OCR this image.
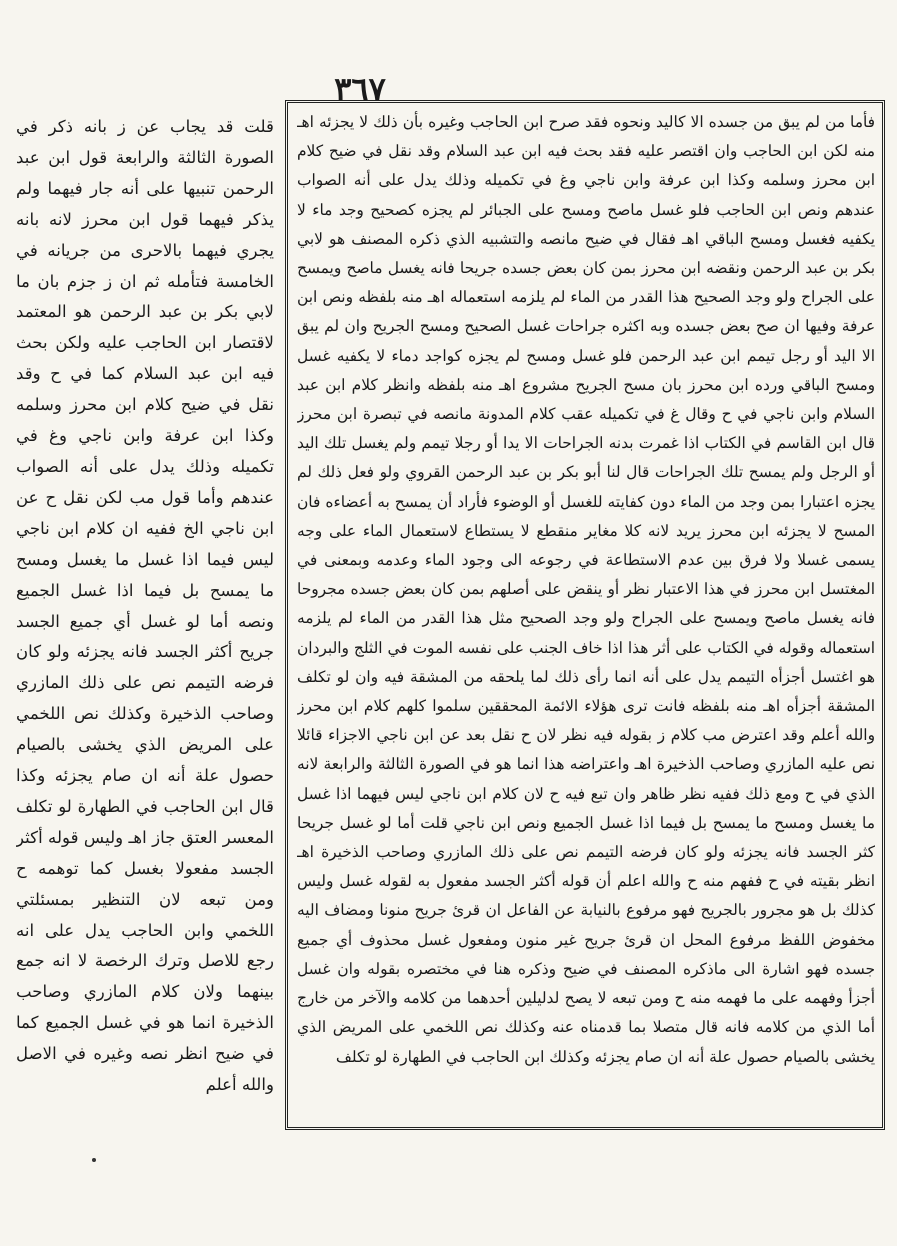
٣٦٧
فأما من لم يبق من جسده الا كاليد ونحوه فقد صرح ابن الحاجب وغيره بأن ذلك لا يجزئه اهـ منه لكن ابن الحاجب وان اقتصر عليه فقد بحث فيه ابن عبد السلام وقد نقل في ضيح كلام ابن محرز وسلمه وكذا ابن عرفة وابن ناجي وغ في تكميله وذلك يدل على أنه الصواب عندهم ونص ابن الحاجب فلو غسل ماصح ومسح على الجبائر لم يجزه كصحيح وجد ماء لا يكفيه فغسل ومسح الباقي اهـ فقال في ضيح مانصه والتشبيه الذي ذكره المصنف هو لابي بكر بن عبد الرحمن ونقضه ابن محرز بمن كان بعض جسده جريحا فانه يغسل ماصح ويمسح على الجراح ولو وجد الصحيح هذا القدر من الماء لم يلزمه استعماله اهـ منه بلفظه ونص ابن عرفة وفيها ان صح بعض جسده وبه اكثره جراحات غسل الصحيح ومسح الجريح وان لم يبق الا اليد أو رجل تيمم ابن عبد الرحمن فلو غسل ومسح لم يجزه كواجد دماء لا يكفيه غسل ومسح الباقي ورده ابن محرز بان مسح الجريح مشروع اهـ منه بلفظه وانظر كلام ابن عبد السلام وابن ناجي في ح وقال غ في تكميله عقب كلام المدونة مانصه في تبصرة ابن محرز قال ابن القاسم في الكتاب اذا غمرت بدنه الجراحات الا يدا أو رجلا تيمم ولم يغسل تلك اليد أو الرجل ولم يمسح تلك الجراحات قال لنا أبو بكر بن عبد الرحمن القروي ولو فعل ذلك لم يجزه اعتبارا بمن وجد من الماء دون كفايته للغسل أو الوضوء فأراد أن يمسح به أعضاءه فان المسح لا يجزئه ابن محرز يريد لانه كلا مغاير منقطع لا يستطاع لاستعمال الماء على وجه يسمى غسلا ولا فرق بين عدم الاستطاعة في رجوعه الى وجود الماء وعدمه وبمعنى في المغتسل ابن محرز في هذا الاعتبار نظر أو ينقض على أصلهم بمن كان بعض جسده مجروحا فانه يغسل ماصح ويمسح على الجراح ولو وجد الصحيح مثل هذا القدر من الماء لم يلزمه استعماله وقوله في الكتاب على أثر هذا اذا خاف الجنب على نفسه الموت في الثلج والبردان هو اغتسل أجزأه التيمم يدل على أنه انما رأى ذلك لما يلحقه من المشقة فيه وان لو تكلف المشقة أجزأه اهـ منه بلفظه فانت ترى هؤلاء الائمة المحققين سلموا كلهم كلام ابن محرز والله أعلم وقد اعترض مب كلام ز بقوله فيه نظر لان ح نقل بعد عن ابن ناجي الاجزاء قائلا نص عليه المازري وصاحب الذخيرة اهـ واعتراضه هذا انما هو في الصورة الثالثة والرابعة لانه الذي في ح ومع ذلك ففيه نظر ظاهر وان تبع فيه ح لان كلام ابن ناجي ليس فيهما اذا غسل ما يغسل ومسح ما يمسح بل فيما اذا غسل الجميع ونص ابن ناجي قلت أما لو غسل جريحا كثر الجسد فانه يجزئه ولو كان فرضه التيمم نص على ذلك المازري وصاحب الذخيرة اهـ انظر بقيته في ح ففهم منه ح والله اعلم أن قوله أكثر الجسد مفعول به لقوله غسل وليس كذلك بل هو مجرور بالجريح فهو مرفوع بالنيابة عن الفاعل ان قرئ جريح منونا ومضاف اليه مخفوض اللفظ مرفوع المحل ان قرئ جريح غير منون ومفعول غسل محذوف أي جميع جسده فهو اشارة الى ماذكره المصنف في ضيح وذكره هنا في مختصره بقوله وان غسل أجزأ وفهمه على ما فهمه منه ح ومن تبعه لا يصح لدليلين أحدهما من كلامه والآخر من خارج أما الذي من كلامه فانه قال متصلا بما قدمناه عنه وكذلك نص اللخمي على المريض الذي يخشى بالصيام حصول علة أنه ان صام يجزئه وكذلك ابن الحاجب في الطهارة لو تكلف
قلت قد يجاب عن ز بانه ذكر في الصورة الثالثة والرابعة قول ابن عبد الرحمن تنبيها على أنه جار فيهما ولم يذكر فيهما قول ابن محرز لانه بانه يجري فيهما بالاحرى من جريانه في الخامسة فتأمله ثم ان ز جزم بان ما لابي بكر بن عبد الرحمن هو المعتمد لاقتصار ابن الحاجب عليه ولكن بحث فيه ابن عبد السلام كما في ح وقد نقل في ضيح كلام ابن محرز وسلمه وكذا ابن عرفة وابن ناجي وغ في تكميله وذلك يدل على أنه الصواب عندهم وأما قول مب لكن نقل ح عن ابن ناجي الخ ففيه ان كلام ابن ناجي ليس فيما اذا غسل ما يغسل ومسح ما يمسح بل فيما اذا غسل الجميع ونصه أما لو غسل أي جميع الجسد جريح أكثر الجسد فانه يجزئه ولو كان فرضه التيمم نص على ذلك المازري وصاحب الذخيرة وكذلك نص اللخمي على المريض الذي يخشى بالصيام حصول علة أنه ان صام يجزئه وكذا قال ابن الحاجب في الطهارة لو تكلف المعسر العتق جاز اهـ وليس قوله أكثر الجسد مفعولا بغسل كما توهمه ح ومن تبعه لان التنظير بمسئلتي اللخمي وابن الحاجب يدل على انه رجع للاصل وترك الرخصة لا انه جمع بينهما ولان كلام المازري وصاحب الذخيرة انما هو في غسل الجميع كما في ضيح انظر نصه وغيره في الاصل والله أعلم
